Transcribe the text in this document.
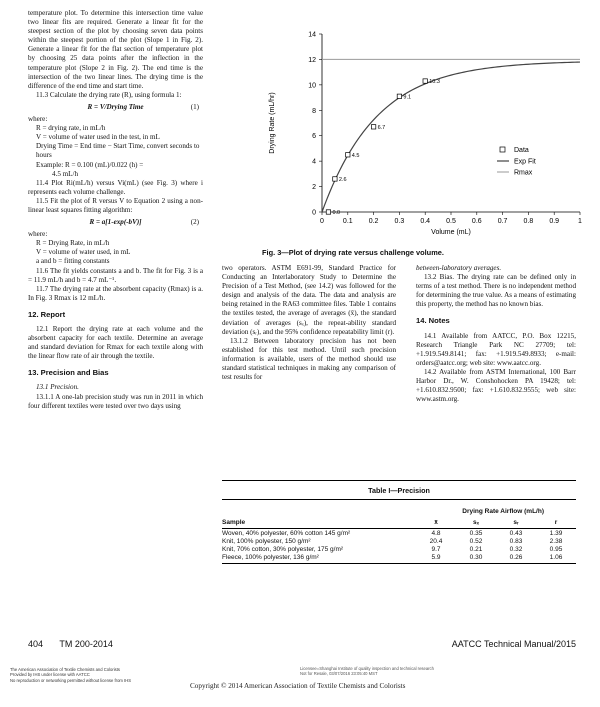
temperature plot. To determine this intersection time value two linear fits are required. Generate a linear fit for the steepest section of the plot by choosing seven data points within the steepest portion of the plot (Slope 1 in Fig. 2). Generate a linear fit for the flat section of temperature plot by choosing 25 data points after the inflection in the temperature plot (Slope 2 in Fig. 2). The end time is the intersection of the two linear lines. The drying time is the difference of the end time and start time.

11.3 Calculate the drying rate (R), using formula 1:

R = V/Drying Time	(1)

where:

R = drying rate, in mL/h

V = volume of water used in the test, in mL

Drying Time = End time − Start Time, convert seconds to hours

Example: R = 0.100 (mL)/0.022 (h) =

4.5 mL/h

11.4 Plot Ri(mL/h) versus Vi(mL) (see Fig. 3) where i represents each volume challenge.

11.5 Fit the plot of R versus V to Equation 2 using a non-linear least squares fitting algorithm:

R = a[1-exp(-bV)]	(2)

where:

R = Drying Rate, in mL/h

V = volume of water used, in mL

a and b = fitting constants

11.6 The fit yields constants a and b. The fit for Fig. 3 is a = 11.9 mL/h and b = 4.7 mL⁻¹.

11.7 The drying rate at the absorbent capacity (Rmax) is a. In Fig. 3 Rmax is 12 mL/h.

12. Report

12.1 Report the drying rate at each volume and the absorbent capacity for each textile. Determine an average and standard deviation for Rmax for each textile along with the linear flow rate of air through the textile.

13. Precision and Bias

13.1 Precision.

13.1.1 A one-lab precision study was run in 2011 in which four different textiles were tested over two days using

0	0.1 0.2 0.3 0.4 0.5 0.6 0.7 0.8 0.9	1
0
2
4
6
8
10
12
14
Volume (mL)
Drying Rate (mL/hr)
0.0
2.6
4.5
6.7
9.1
10.3
Data
Exp Fit
Rmax
Fig. 3—Plot of drying rate versus challenge volume.

two operators. ASTM E691-99, Standard Practice for Conducting an Interlaboratory Study to Determine the Precision of a Test Method, (see 14.2) was followed for the design and analysis of the data. The data and analysis are being retained in the RA63 committee files. Table 1 contains the textiles tested, the average of averages (x̄), the standard deviation of averages (sₓ), the repeat-ability standard deviation (sᵣ), and the 95% confidence repeatability limit (r).

13.1.2 Between laboratory precision has not been established for this test method. Until such precision information is available, users of the method should use standard statistical techniques in making any comparison of test results for

between-laboratory averages.

13.2 Bias. The drying rate can be defined only in terms of a test method. There is no independent method for determining the true value. As a means of estimating this property, the method has no known bias.

14. Notes

14.1 Available from AATCC, P.O. Box 12215, Research Triangle Park NC 27709; tel: +1.919.549.8141; fax: +1.919.549.8933; e-mail: orders@aatcc.org; web site: www.aatcc.org.

14.2 Available from ASTM International, 100 Barr Harbor Dr., W. Conshohocken PA 19428; tel: +1.610.832.9500; fax: +1.610.832.9555; web site: www.astm.org.

Table I—Precision
Drying Rate Airflow (mL/h)
Sample	x̄	sₓ	sᵣ	r
Woven, 40% polyester, 60% cotton 145 g/m²	4.8	0.35	0.43	1.39
Knit, 100% polyester, 150 g/m²	20.4	0.52	0.83	2.38
Knit, 70% cotton, 30% polyester, 175 g/m²	9.7	0.21	0.32	0.95
Fleece, 100% polyester, 136 g/m²	5.9	0.30	0.26	1.06
404 TM 200-2014	AATCC Technical Manual/2015
The American Association of Textile Chemists and Colorists
Provided by IHS under license with AATCC
No reproduction or networking permitted without license from IHS
Licensee=Shanghai Institute of quality inspection and technical research
Not for Resale, 03/07/2016 23:05:40 MST
Copyright © 2014 American Association of Textile Chemists and Colorists
